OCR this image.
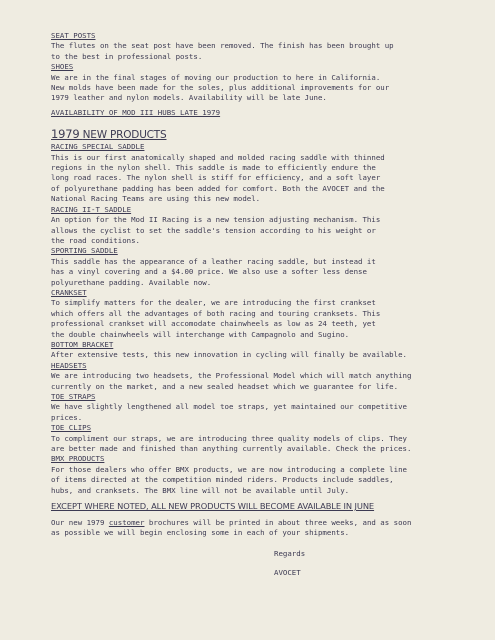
SEAT POSTS
The flutes on the seat post have been removed. The finish has been brought up
to the best in professional posts.
SHOES
We are in the final stages of moving our production to here in California.
New molds have been made for the soles, plus additional improvements for our
1979 leather and nylon models. Availability will be late June.
AVAILABILITY OF MOD III HUBS LATE 1979
1979 NEW PRODUCTS
RACING SPECIAL SADDLE
This is our first anatomically shaped and molded racing saddle with thinned
regions in the nylon shell. This saddle is made to efficiently endure the
long road races. The nylon shell is stiff for efficiency, and a soft layer
of polyurethane padding has been added for comfort. Both the AVOCET and the
National Racing Teams are using this new model.
RACING II-T SADDLE
An option for the Mod II Racing is a new tension adjusting mechanism. This
allows the cyclist to set the saddle's tension according to his weight or
the road conditions.
SPORTING SADDLE
This saddle has the appearance of a leather racing saddle, but instead it
has a vinyl covering and a $4.00 price. We also use a softer less dense
polyurethane padding. Available now.
CRANKSET
To simplify matters for the dealer, we are introducing the first crankset
which offers all the advantages of both racing and touring cranksets. This
professional crankset will accomodate chainwheels as low as 24 teeth, yet
the double chainwheels will interchange with Campagnolo and Sugino.
BOTTOM BRACKET
After extensive tests, this new innovation in cycling will finally be available.
HEADSETS
We are introducing two headsets, the Professional Model which will match anything
currently on the market, and a new sealed headset which we guarantee for life.
TOE STRAPS
We have slightly lengthened all model toe straps, yet maintained our competitive
prices.
TOE CLIPS
To compliment our straps, we are introducing three quality models of clips. They
are better made and finished than anything currently available. Check the prices.
BMX PRODUCTS
For those dealers who offer BMX products, we are now introducing a complete line
of items directed at the competition minded riders. Products include saddles,
hubs, and cranksets. The BMX line will not be available until July.
EXCEPT WHERE NOTED, ALL NEW PRODUCTS WILL BECOME AVAILABLE IN JUNE
Our new 1979 customer brochures will be printed in about three weeks, and as soon
as possible we will begin enclosing some in each of your shipments.
Regards
AVOCET
